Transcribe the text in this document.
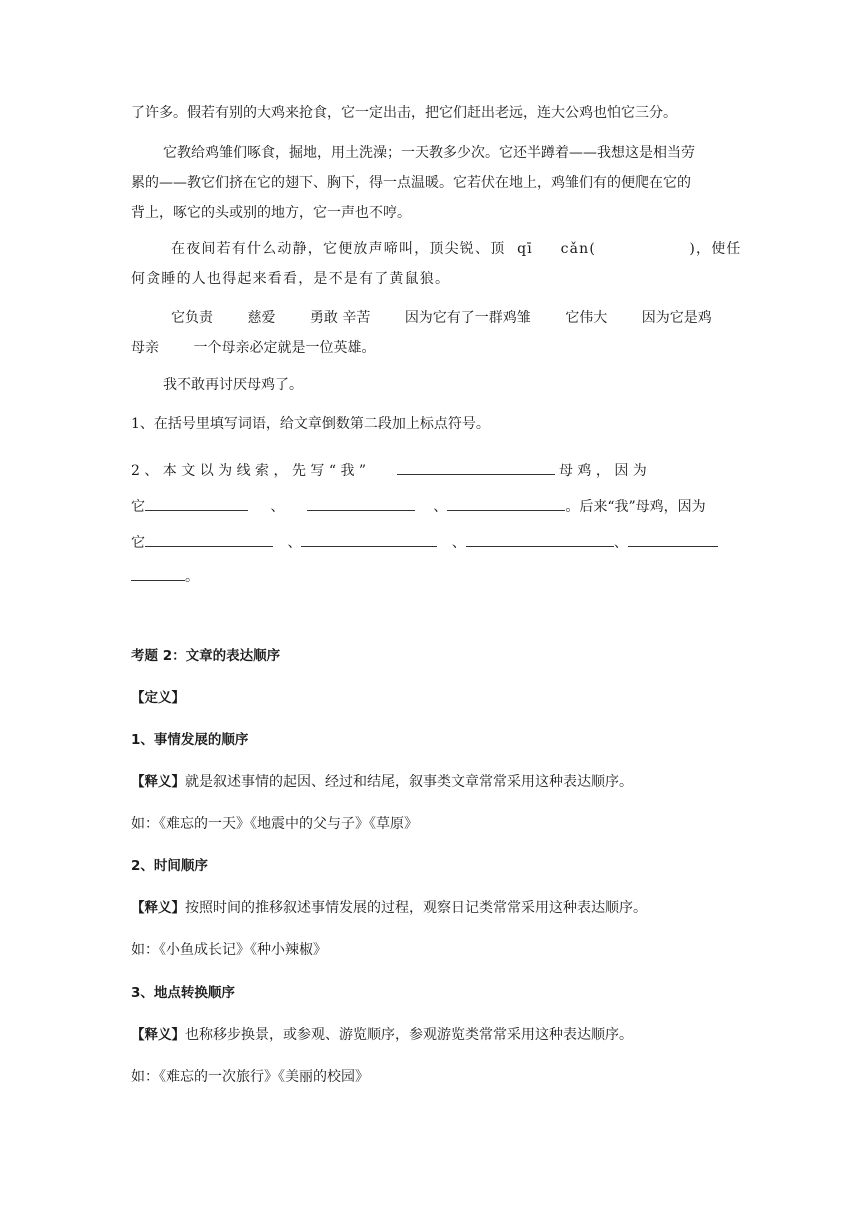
了许多。假若有别的大鸡来抢食，它一定出击，把它们赶出老远，连大公鸡也怕它三分。
它教给鸡雏们啄食，掘地，用土洗澡；一天教多少次。它还半蹲着——我想这是相当劳
累的——教它们挤在它的翅下、胸下，得一点温暖。它若伏在地上，鸡雏们有的便爬在它的
背上，啄它的头或别的地方，它一声也不哼。
在夜间若有什么动静，它便放声啼叫，顶尖锐、顶 qī cǎn(	)，使任
何贪睡的人也得起来看看，是不是有了黄鼠狼。
它负责 慈爱 勇敢 辛苦 因为它有了一群鸡雏 它伟大 因为它是鸡
母亲 一个母亲必定就是一位英雄。
我不敢再讨厌母鸡了。
1、在括号里填写词语，给文章倒数第二段加上标点符号。
2 、 本 文 以 为 线 索 ， 先 写 “ 我 ”	母 鸡 ， 因 为
它	、	、	。后来“我”母鸡，因为
它	、	、	、
。
考题 2：文章的表达顺序
【定义】
1、事情发展的顺序
【释义】就是叙述事情的起因、经过和结尾，叙事类文章常常采用这种表达顺序。
如：《难忘的一天》《地震中的父与子》《草原》
2、时间顺序
【释义】按照时间的推移叙述事情发展的过程，观察日记类常常采用这种表达顺序。
如：《小鱼成长记》《种小辣椒》
3、地点转换顺序
【释义】也称移步换景，或参观、游览顺序，参观游览类常常采用这种表达顺序。
如：《难忘的一次旅行》《美丽的校园》
